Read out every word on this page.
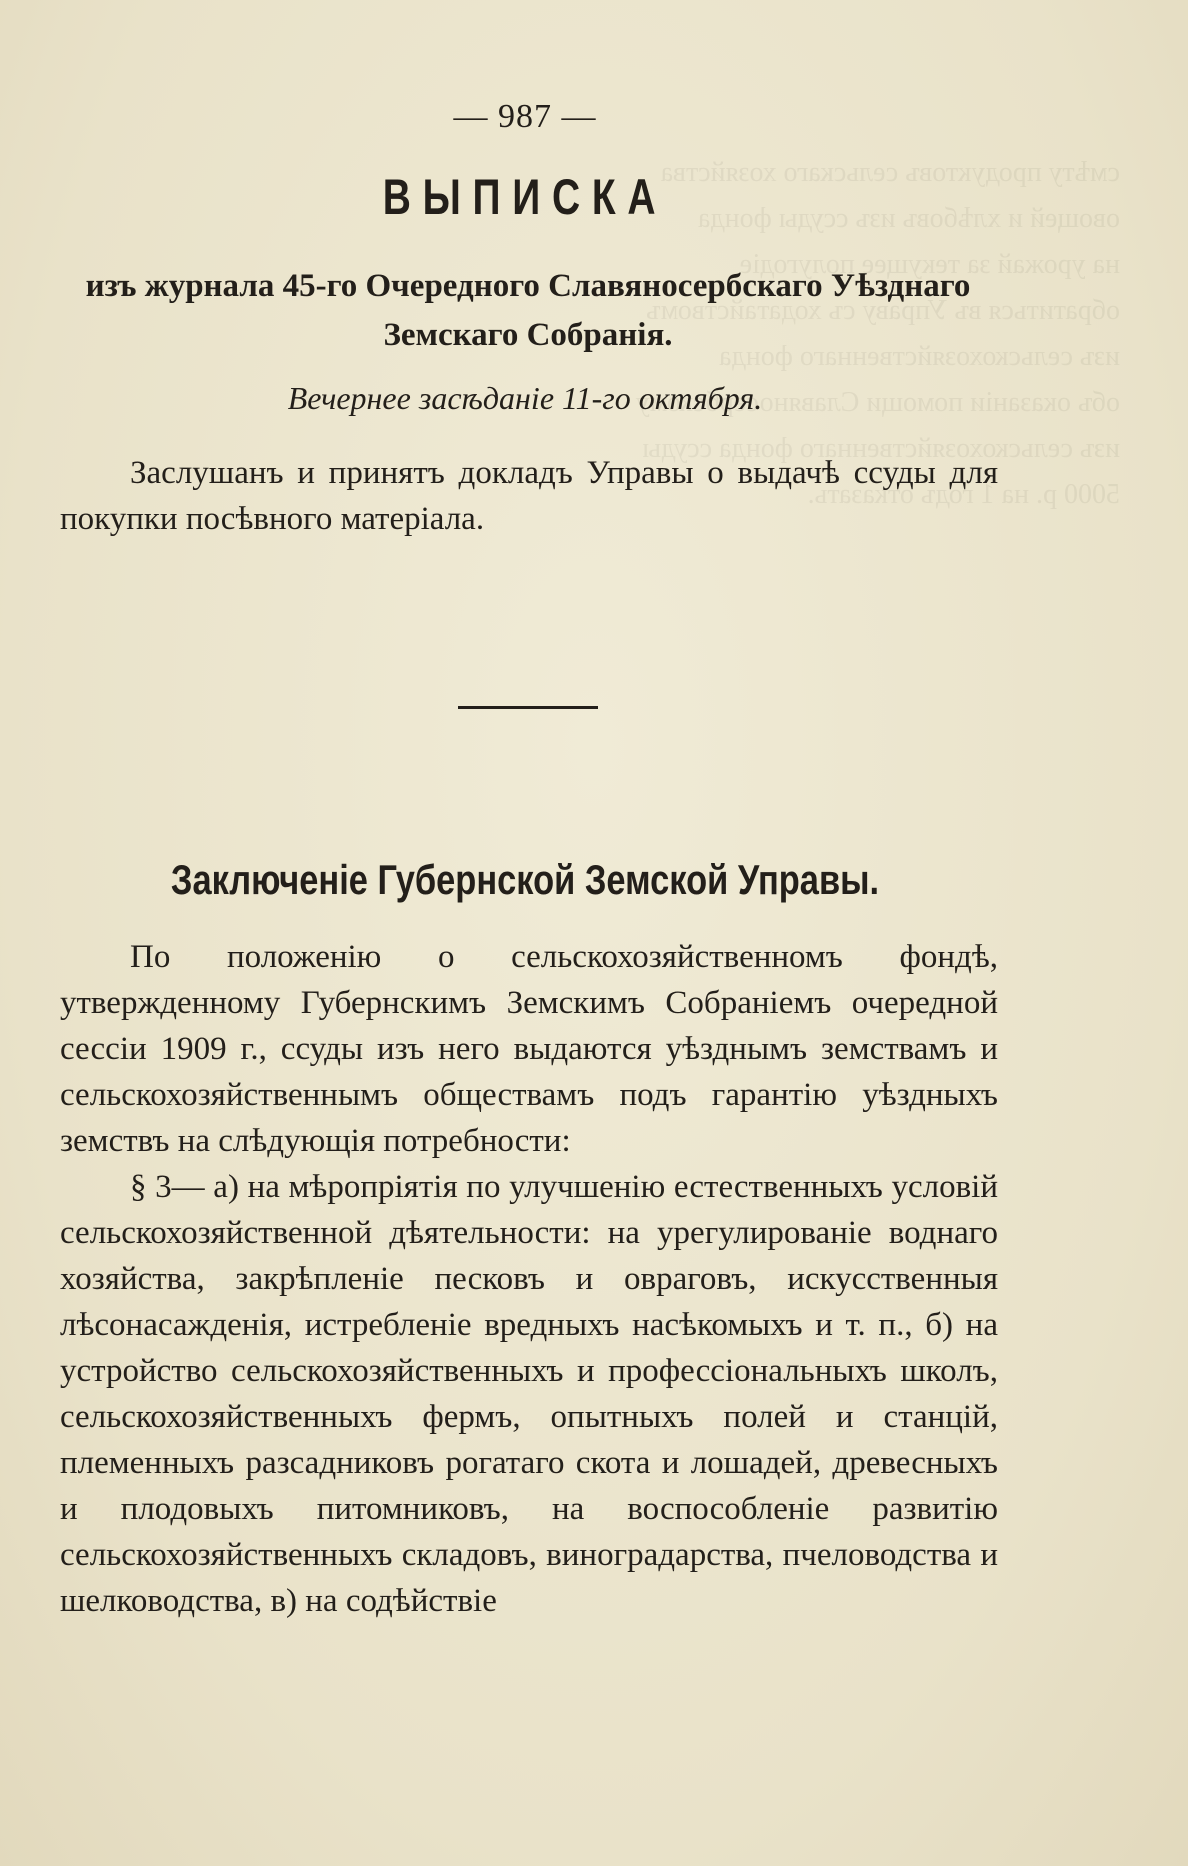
смѣту продуктовъ сельскаго хозяйства
овощей и хлѣбовъ изъ ссуды фонда
на урожай за текущее полугодіе
обратиться въ Управу съ ходатайствомъ
изъ сельскохозяйственнаго фонда
объ оказаніи помощи Славяносербскому
изъ сельскохозяйственнаго фонда ссуды
5000 р. на 1 годъ отказать.
— 987 —
ВЫПИСКА
изъ журнала 45-го Очередного Славяносербскаго Уѣзднаго Земскаго Собранія.
Вечернее засѣданіе 11-го октября.
Заслушанъ и принятъ докладъ Управы о выдачѣ ссуды для покупки посѣвного матеріала.
Заключеніе Губернской Земской Управы.
По положенію о сельскохозяйственномъ фондѣ, утвержденному Губернскимъ Земскимъ Собраніемъ очередной сессіи 1909 г., ссуды изъ него выдаются уѣзднымъ земствамъ и сельскохозяйственнымъ обществамъ подъ гарантію уѣздныхъ земствъ на слѣдующія потребности:
§ 3— а) на мѣропріятія по улучшенію естественныхъ условій сельскохозяйственной дѣятельности: на урегулированіе воднаго хозяйства, закрѣпленіе песковъ и овраговъ, искусственныя лѣсонасажденія, истребленіе вредныхъ насѣкомыхъ и т. п., б) на устройство сельскохозяйственныхъ и профессіональныхъ школъ, сельскохозяйственныхъ фермъ, опытныхъ полей и станцій, племенныхъ разсадниковъ рогатаго скота и лошадей, древесныхъ и плодовыхъ питомниковъ, на воспособленіе развитію сельскохозяйственныхъ складовъ, виноградарства, пчеловодства и шелководства, в) на содѣйствіе
